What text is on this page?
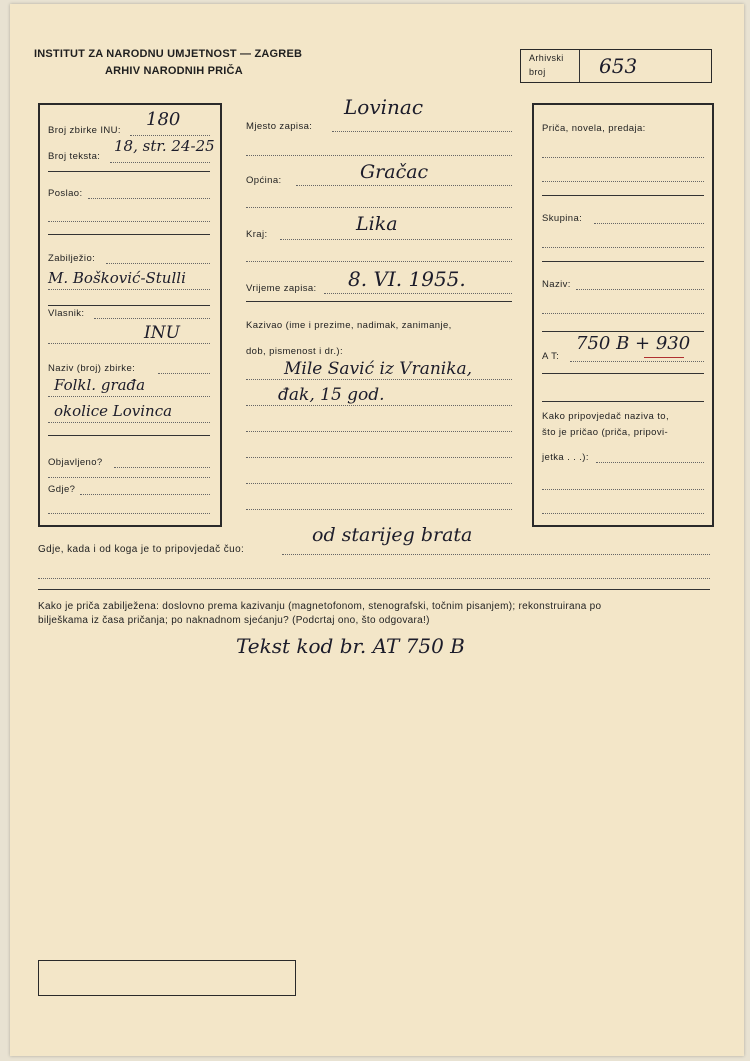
INSTITUT ZA NARODNU UMJETNOST — ZAGREB
ARHIV NARODNIH PRIČA
Arhivski
broj	653
Broj zbirke INU:
180
Broj teksta:
18, str. 24-25
Poslao:
Zabilježio:
M. Bošković-Stulli
Vlasnik:
INU
Naziv (broj) zbirke:
Folkl. građa
okolice Lovinca
Objavljeno?
Gdje?
Mjesto zapisa:
Lovinac
Općina:	Gračac
Kraj:	Lika
Vrijeme zapisa: 8. VI. 1955.
Kazivao (ime i prezime, nadimak, zanimanje,
dob, pismenost i dr.):
Mile Savić iz Vranika,
đak, 15 god.
Priča, novela, predaja:
Skupina:
Naziv:
A T:
750 B + 930
Kako pripovjedač naziva to,
što je pričao (priča, pripovi-
jetka . . .):
Gdje, kada i od koga je to pripovjedač čuo:
od starijeg brata
Kako je priča zabilježena: doslovno prema kazivanju (magnetofonom, stenografski, točnim pisanjem); rekonstruirana po
bilješkama iz časa pričanja; po naknadnom sjećanju? (Podcrtaj ono, što odgovara!)
Tekst kod br. AT 750 B
